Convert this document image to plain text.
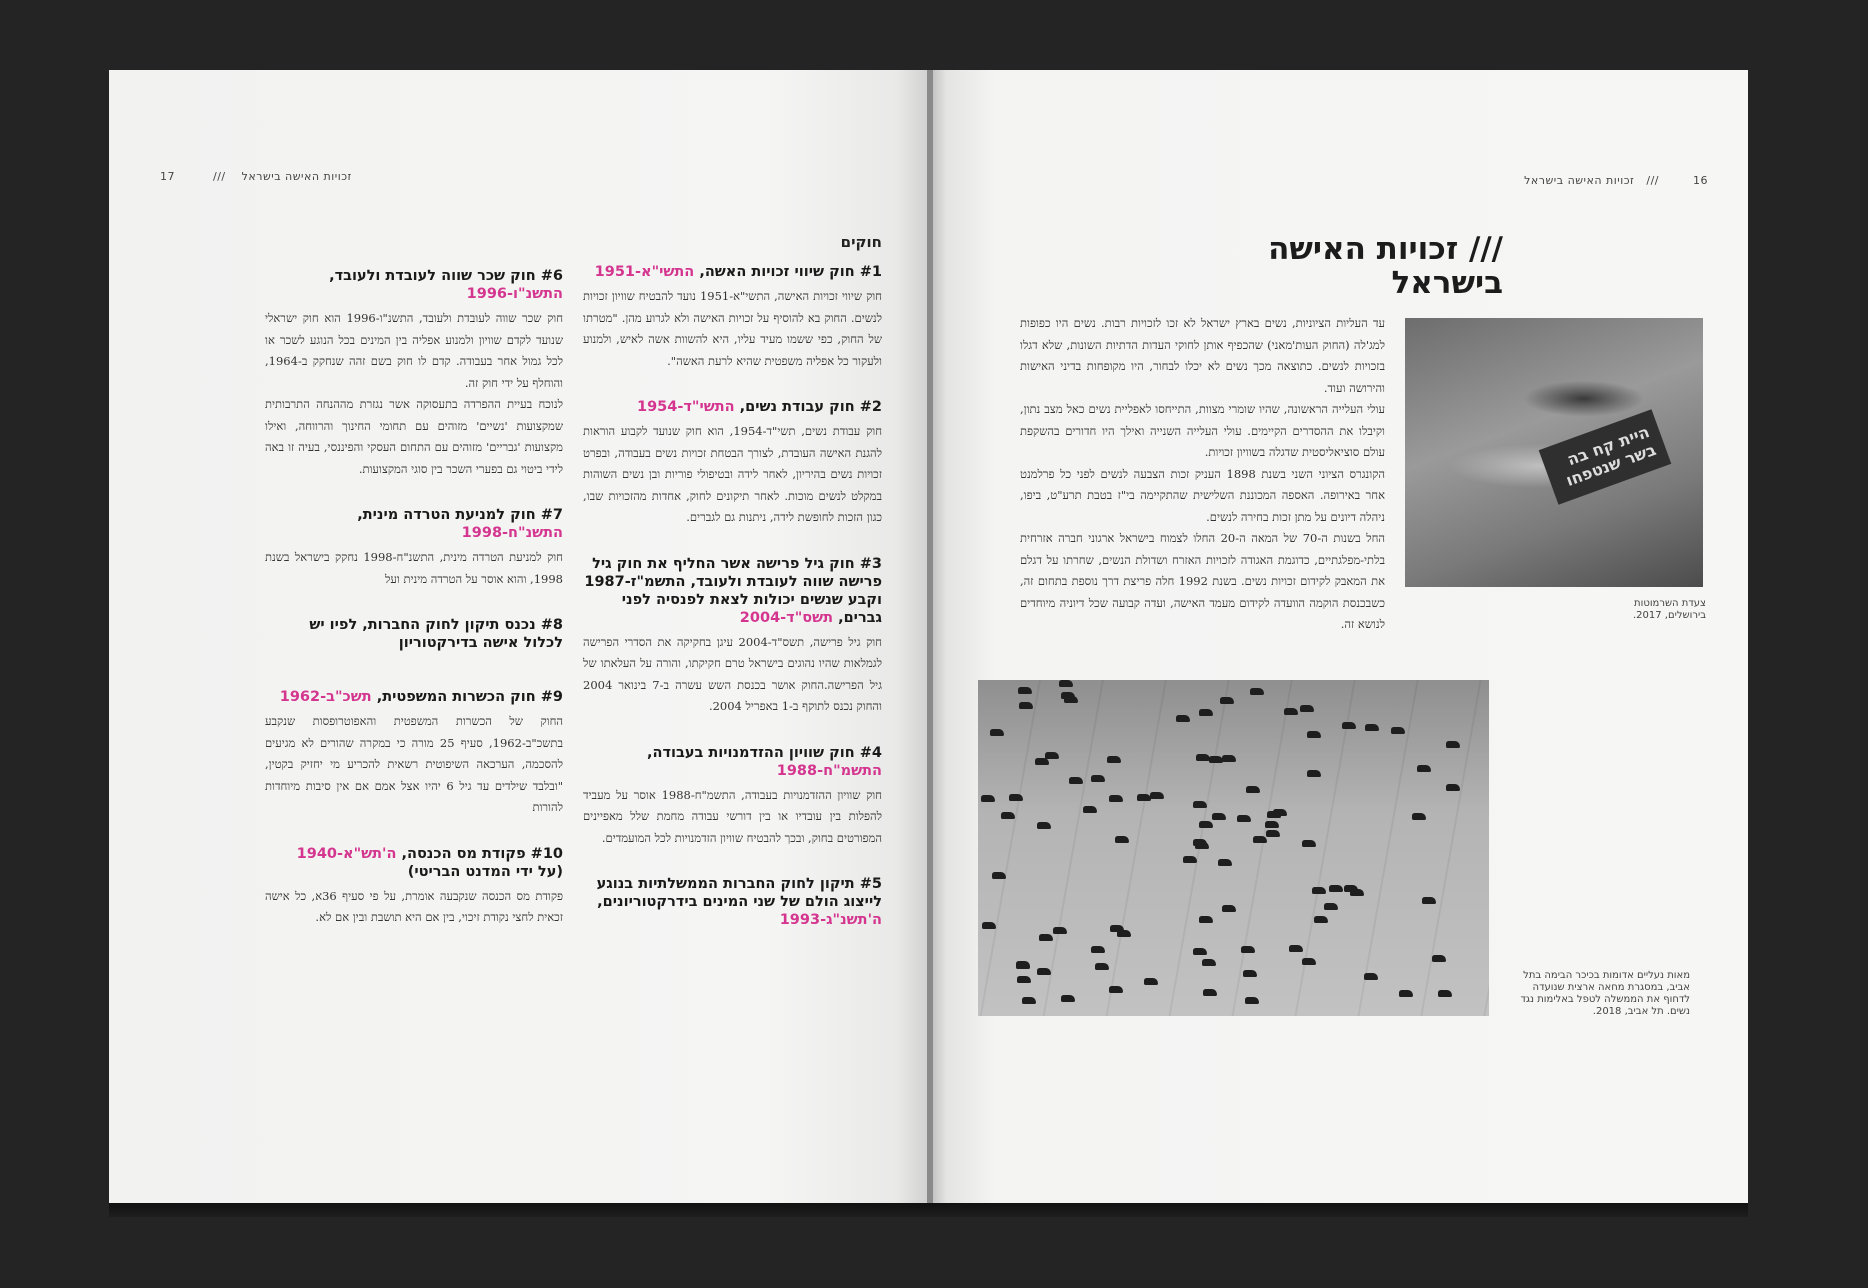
זכויות האישה בישראל /// 17
חוקים
#1 חוק שיווי זכויות האשה, התשי"א-1951

חוק שיווי זכויות האישה, התשי"א-1951 נועד להבטיח שוויון זכויות לנשים. החוק בא להוסיף על זכויות האישה ולא לגרוע מהן. "מטרתו של החוק, כפי ששמו מעיד עליו, היא להשוות אשה לאיש, ולמנוע ולעקור כל אפליה משפטית שהיא לרעת האשה".

#2 חוק עבודת נשים, התשי"ד-1954

חוק עבודת נשים, תשי"ד-1954, הוא חוק שנועד לקבוע הוראות להגנת האישה העובדת, לצורך הבטחת זכויות נשים בעבודה, ובפרט זכויות נשים בהיריון, לאחר לידה ובטיפולי פוריות ובן נשים השוהות במקלט לנשים מוכות. לאחר תיקונים לחוק, אחדות מהזכויות שבו, כגון הזכות לחופשת לידה, ניתנות גם לגברים.

#3 חוק גיל פרישה אשר החליף את חוק גיל פרישה שווה לעובדת ולעובד, התשמ"ז-1987 וקבע שנשים יכולות לצאת לפנסיה לפני גברים, תשס"ד-2004

חוק גיל פרישה, תשס"ד-2004 עיגן בחקיקה את הסדרי הפרישה לגמלאות שהיו נהוגים בישראל טרם חקיקתו, והורה על העלאתו של גיל הפרישה.החוק אושר בכנסת השש עשרה ב-7 בינואר 2004 והחוק נכנס לתוקף ב-1 באפריל 2004.

#4 חוק שוויון ההזדמנויות בעבודה,
התשמ"ח-1988

חוק שוויון ההזדמנויות בעבודה, התשמ"ח-1988 אוסר על מעביד להפלות בין עובדיו או בין דורשי עבודה מחמת שלל מאפיינים המפורטים בחוק, ובכך להבטיח שוויון הזדמנויות לכל המועמדים.

#5 תיקון לחוק החברות הממשלתיות בנוגע לייצוג הולם של שני המינים בידרקטוריונים, ה'תשנ"ג-1993
#6 חוק שכר שווה לעובדת ולעובד,
התשנ"ו-1996

חוק שכר שווה לעובדת ולעובד, התשנ"ו-1996 הוא חוק ישראלי שנועד לקדם שוויון ולמנוע אפליה בין המינים בכל הנוגע לשכר או לכל גמול אחר בעבודה. קדם לו חוק בשם זהה שנחקק ב-1964, והוחלף על ידי חוק זה.

לנוכח בעיית ההפרדה בתעסוקה אשר נגזרת מההנחה התרבותית שמקצועות 'נשיים' מזוהים עם תחומי החינוך והרווחה, ואילו מקצועות 'גבריים' מזוהים עם התחום העסקי והפיננסי, בעיה זו באה לידי ביטוי גם בפערי השכר בין סוגי המקצועות.

#7 חוק למניעת הטרדה מינית,
התשנ"ח-1998

חוק למניעת הטרדה מינית, התשנ"ח-1998 נחקק בישראל בשנת 1998, והוא אוסר על הטרדה מינית ועל

#8 נכנס תיקון לחוק החברות, לפיו יש לכלול אישה בדירקטוריון
#9 חוק הכשרות המשפטית, תשכ"ב-1962

החוק של הכשרות המשפטית והאפוטרופסות שנקבע בתשכ"ב-1962, סעיף 25 מורה כי במקרה שהורים לא מגיעים להסכמה, הערכאה השיפוטית רשאית להכריע מי יחזיק בקטין, "ובלבד שילדים עד גיל 6 יהיו אצל אמם אם אין סיבות מיוחדות להורות

#10 פקודת מס הכנסה, ה'תש"א-1940
(על ידי המדנט הבריטי)

פקודת מס הכנסה שנקבעה אומרת, על פי סעיף 36א, כל אישה זכאית לחצי נקודת זיכוי, בין אם היא תושבת ובין אם לא.

16 /// זכויות האישה בישראל
/// זכויות האישה
בישראל

עד העליות הציוניות, נשים בארץ ישראל לא זכו לזכויות רבות. נשים היו כפופות למג'לה (החוק העות'מאני) שהכפיף אותן לחוקי העדות הדתיות השונות, שלא דגלו בזכויות לנשים. כתוצאה מכך נשים לא יכלו לבחור, היו מקופחות בדיני האישות והירושה ועוד.

עולי העלייה הראשונה, שהיו שומרי מצוות, התייחסו לאפליית נשים כאל מצב נתון, וקיבלו את ההסדרים הקיימים. עולי העלייה השנייה ואילך היו חדורים בהשקפת עולם סוציאליסטית שדגלה בשוויון זכויות.

הקונגרס הציוני השני בשנת 1898 העניק זכות הצבעה לנשים לפני כל פרלמנט אחר באירופה. האספה המכוננת השלישית שהתקיימה בי"ז בטבת תרע"ט, ביפו, ניהלה דיונים על מתן זכות בחירה לנשים.

החל בשנות ה-70 של המאה ה-20 החלו לצמוח בישראל ארגוני חברה אזרחית בלתי-מפלגתיים, כדוגמת האגודה לזכויות האזרח ושדולת הנשים, שחרתו על דגלם את המאבק לקידום זכויות נשים. בשנת 1992 חלה פריצת דרך נוספת בתחום זה, כשבכנסת הוקמה הוועדה לקידום מעמד האישה, ועדה קבועה שכל דיוניה מיוחדים לנושא זה.

היית קח בה בשר שנטפחו
צעדת השרמוטות
בירושלים, 2017.
מאות נעליים אדומות בכיכר הבימה בתל אביב, במסגרת מחאה ארצית שנועדה לדחוף את הממשלה לטפל באלימות נגד נשים. תל אביב, 2018.
